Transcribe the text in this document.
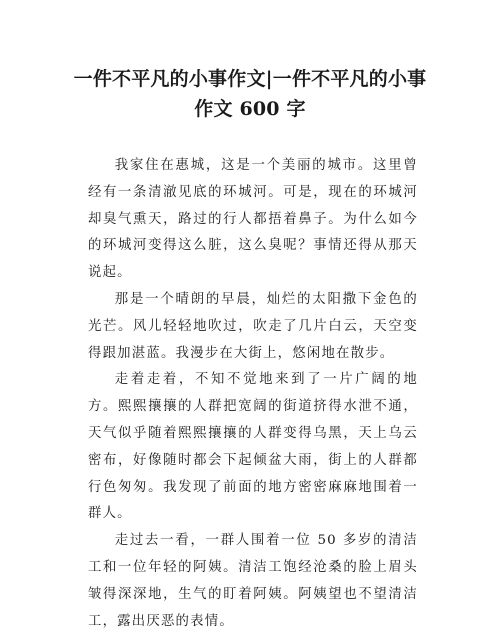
一件不平凡的小事作文|一件不平凡的小事作文 600 字

我家住在惠城，这是一个美丽的城市。这里曾经有一条清澈见底的环城河。可是，现在的环城河却臭气熏天，路过的行人都捂着鼻子。为什么如今的环城河变得这么脏，这么臭呢？事情还得从那天说起。

那是一个晴朗的早晨，灿烂的太阳撒下金色的光芒。风儿轻轻地吹过，吹走了几片白云，天空变得跟加湛蓝。我漫步在大街上，悠闲地在散步。

走着走着，不知不觉地来到了一片广阔的地方。熙熙攘攘的人群把宽阔的街道挤得水泄不通，天气似乎随着熙熙攘攘的人群变得乌黑，天上乌云密布，好像随时都会下起倾盆大雨，街上的人群都行色匆匆。我发现了前面的地方密密麻麻地围着一群人。

走过去一看，一群人围着一位 50 多岁的清洁工和一位年轻的阿姨。清洁工饱经沧桑的脸上眉头皱得深深地，生气的盯着阿姨。阿姨望也不望清洁工，露出厌恶的表情。
